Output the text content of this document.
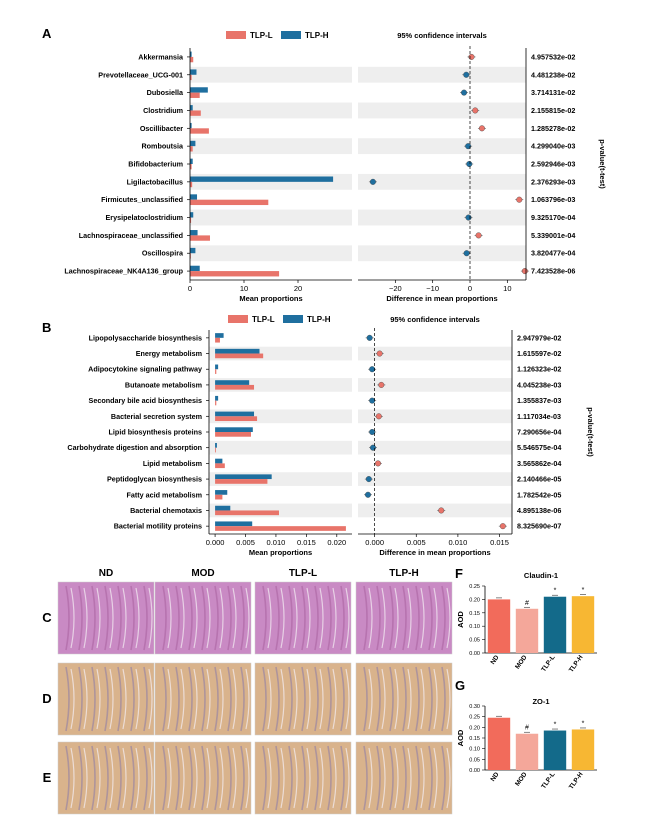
A	TLP-L	TLP-H	95% confidence intervals
Akkermansia	4.957532e-02
Prevotellaceae_UCG-001	4.481238e-02
Dubosiella	3.714131e-02
Clostridium	2.155815e-02
Oscillibacter	1.285278e-02
Romboutsia	4.299040e-03
Bifidobacterium	2.592946e-03
Ligilactobacillus	2.376293e-03
Firmicutes_unclassified	1.063796e-03
Erysipelatoclostridium	9.325170e-04
Lachnospiraceae_unclassified	5.339001e-04
Oscillospira	3.820477e-04
Lachnospiraceae_NK4A136_group	7.423528e-06
0	10	20	−20	−10	0	10
Mean proportions	Difference in mean proportions
p-value(t-test)
B
TLP-L	TLP-H	95% confidence intervals
Lipopolysaccharide biosynthesis	2.947979e-02
Energy metabolism	1.615597e-02
Adipocytokine signaling pathway	1.126323e-02
Butanoate metabolism	4.045238e-03
Secondary bile acid biosynthesis	1.355837e-03
Bacterial secretion system	1.117034e-03
Lipid biosynthesis proteins	7.290656e-04
Carbohydrate digestion and absorption	5.546575e-04
Lipid metabolism	3.565862e-04
Peptidoglycan biosynthesis	2.140466e-05
Fatty acid metabolism	1.782542e-05
Bacterial chemotaxis	4.895138e-06
Bacterial motility proteins	8.325690e-07
0.000 0.005 0.010 0.015 0.020	0.000	0.005	0.010	0.015
Mean proportions	Difference in mean proportions
p-value(t-test)
ND	MOD	TLP-L	TLP-H
C
D
E
F	Claudin-1
0.00
0.05
0.10
0.15
0.20
0.25
AOD
ND
#
MOD
*
TLP-L
*
TLP-H
G
ZO-1
0.00
0.05
0.10
0.15
0.20
0.25
0.30
AOD
ND
#
MOD
*
TLP-L
*
TLP-H
